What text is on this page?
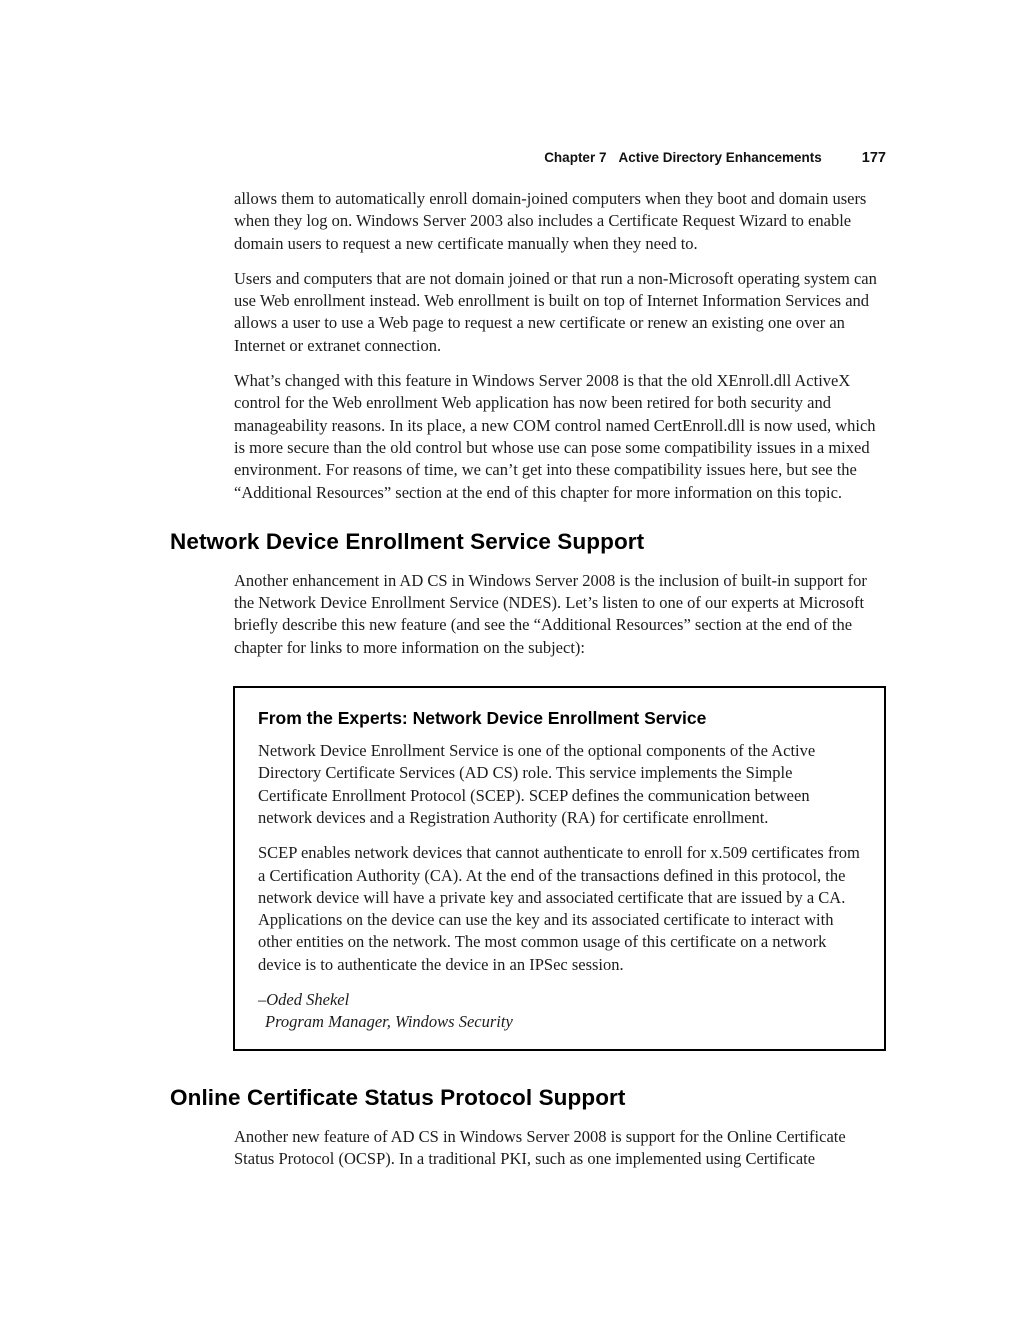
Chapter 7 Active Directory Enhancements	177

allows them to automatically enroll domain-joined computers when they boot and domain users when they log on. Windows Server 2003 also includes a Certificate Request Wizard to enable domain users to request a new certificate manually when they need to.

Users and computers that are not domain joined or that run a non-Microsoft operating system can use Web enrollment instead. Web enrollment is built on top of Internet Information Services and allows a user to use a Web page to request a new certificate or renew an existing one over an Internet or extranet connection.

What’s changed with this feature in Windows Server 2008 is that the old XEnroll.dll ActiveX control for the Web enrollment Web application has now been retired for both security and manageability reasons. In its place, a new COM control named CertEnroll.dll is now used, which is more secure than the old control but whose use can pose some compatibility issues in a mixed environment. For reasons of time, we can’t get into these compatibility issues here, but see the “Additional Resources” section at the end of this chapter for more information on this topic.

Network Device Enrollment Service Support

Another enhancement in AD CS in Windows Server 2008 is the inclusion of built-in support for the Network Device Enrollment Service (NDES). Let’s listen to one of our experts at Microsoft briefly describe this new feature (and see the “Additional Resources” section at the end of the chapter for links to more information on the subject):

From the Experts: Network Device Enrollment Service

Network Device Enrollment Service is one of the optional components of the Active Directory Certificate Services (AD CS) role. This service implements the Simple Certificate Enrollment Protocol (SCEP). SCEP defines the communication between network devices and a Registration Authority (RA) for certificate enrollment.

SCEP enables network devices that cannot authenticate to enroll for x.509 certificates from a Certification Authority (CA). At the end of the transactions defined in this protocol, the network device will have a private key and associated certificate that are issued by a CA. Applications on the device can use the key and its associated certificate to interact with other entities on the network. The most common usage of this certificate on a network device is to authenticate the device in an IPSec session.

–Oded Shekel

Program Manager, Windows Security

Online Certificate Status Protocol Support

Another new feature of AD CS in Windows Server 2008 is support for the Online Certificate Status Protocol (OCSP). In a traditional PKI, such as one implemented using Certificate
